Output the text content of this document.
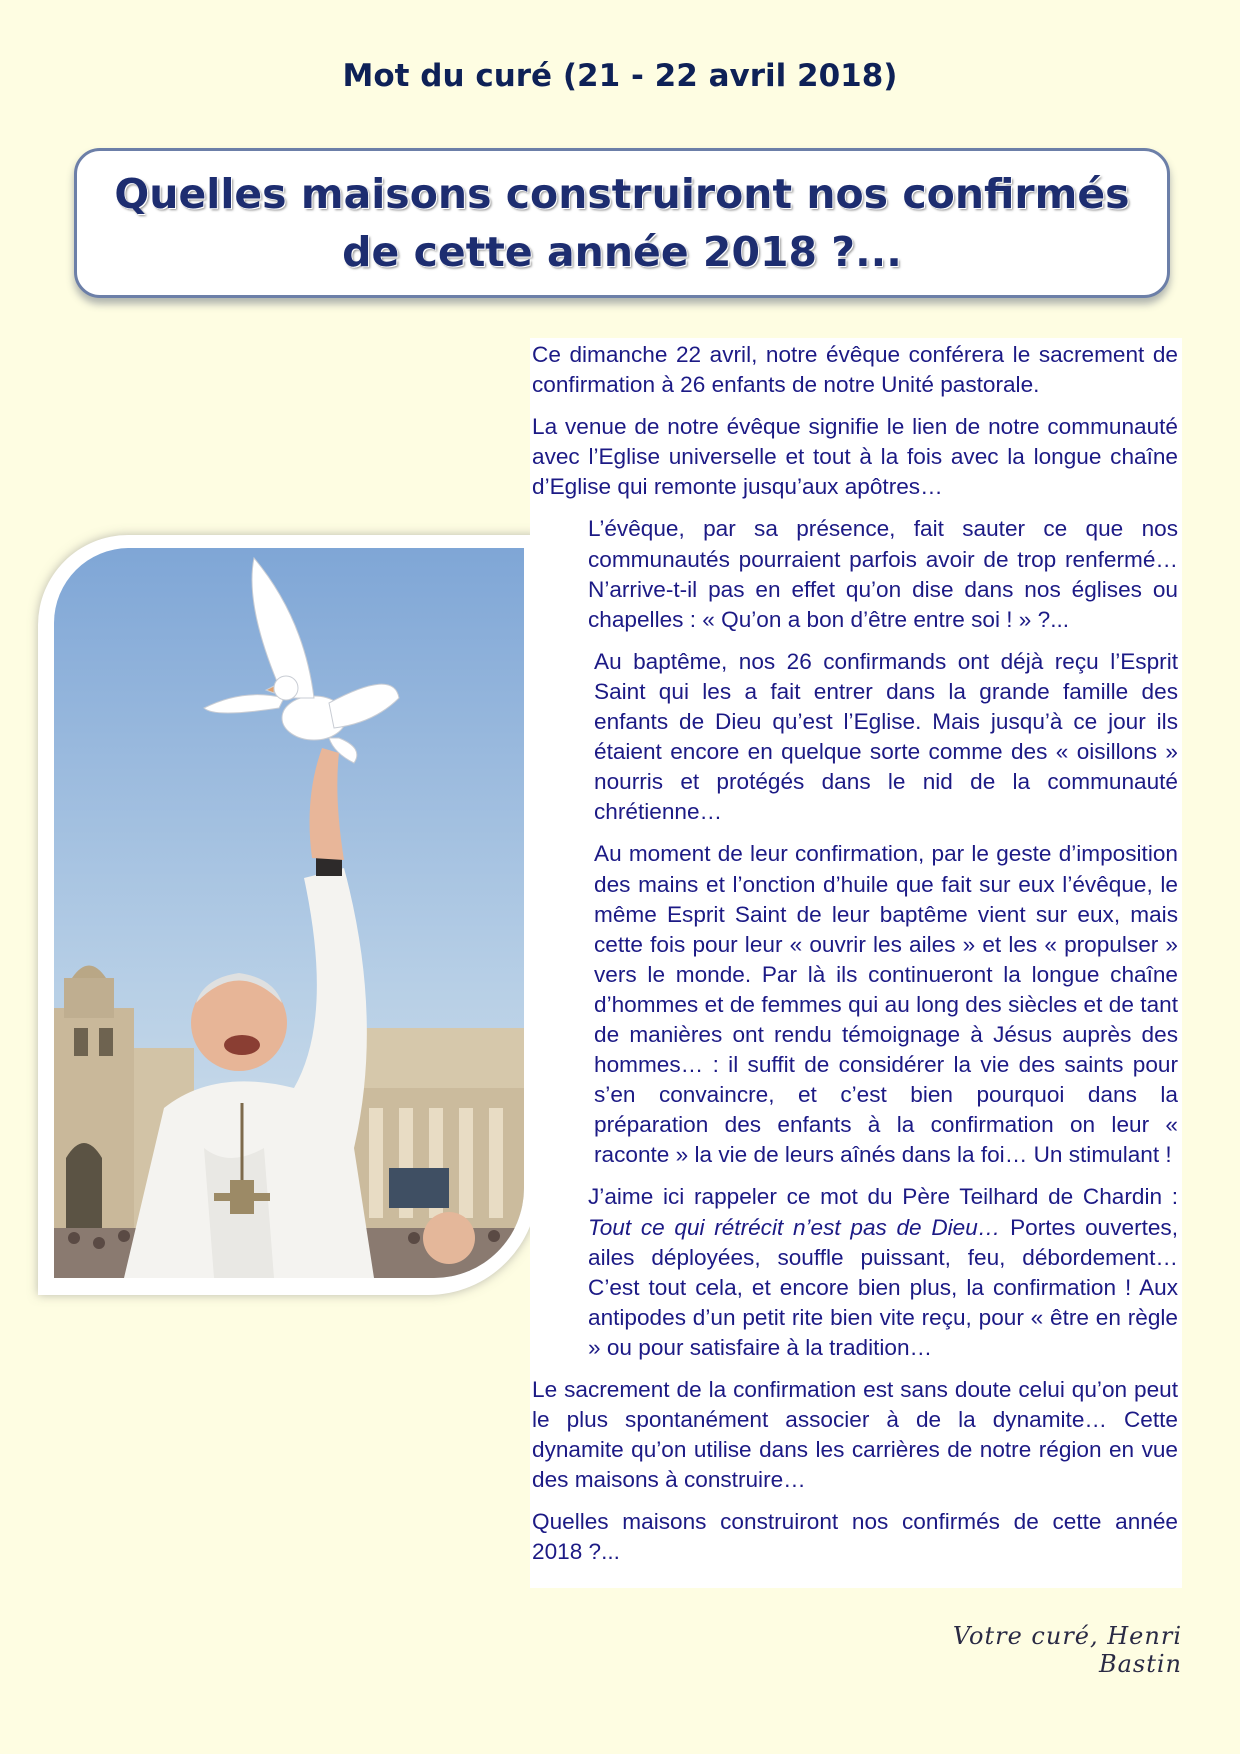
Mot du curé (21 - 22 avril 2018)
Quelles maisons construiront nos confirmés
de cette année 2018 ?...

Ce dimanche 22 avril, notre évêque conférera le sacrement de confirmation à 26 enfants de notre Unité pastorale.

La venue de notre évêque signifie le lien de notre communauté avec l’Eglise universelle et tout à la fois avec la longue chaîne d’Eglise qui remonte jusqu’aux apôtres…

L’évêque, par sa présence, fait sauter ce que nos communautés pourraient parfois avoir de trop renfermé… N’arrive-t-il pas en effet qu’on dise dans nos églises ou chapelles : « Qu’on a bon d’être entre soi ! » ?...

Au baptême, nos 26 confirmands ont déjà reçu l’Esprit Saint qui les a fait entrer dans la grande famille des enfants de Dieu qu’est l’Eglise. Mais jusqu’à ce jour ils étaient encore en quelque sorte comme des « oisillons » nourris et protégés dans le nid de la communauté chrétienne…

Au moment de leur confirmation, par le geste d’imposition des mains et l’onction d’huile que fait sur eux l’évêque, le même Esprit Saint de leur baptême vient sur eux, mais cette fois pour leur « ouvrir les ailes » et les « propulser » vers le monde. Par là ils continueront la longue chaîne d’hommes et de femmes qui au long des siècles et de tant de manières ont rendu témoignage à Jésus auprès des hommes… : il suffit de considérer la vie des saints pour s’en convaincre, et c’est bien pourquoi dans la préparation des enfants à la confirmation on leur « raconte » la vie de leurs aînés dans la foi… Un stimulant !

J’aime ici rappeler ce mot du Père Teilhard de Chardin : Tout ce qui rétrécit n’est pas de Dieu… Portes ouvertes, ailes déployées, souffle puissant, feu, débordement… C’est tout cela, et encore bien plus, la confirmation ! Aux antipodes d’un petit rite bien vite reçu, pour « être en règle » ou pour satisfaire à la tradition…

Le sacrement de la confirmation est sans doute celui qu’on peut le plus spontanément associer à de la dynamite… Cette dynamite qu’on utilise dans les carrières de notre région en vue des maisons à construire…

Quelles maisons construiront nos confirmés de cette année 2018 ?...

Votre curé, Henri Bastin
